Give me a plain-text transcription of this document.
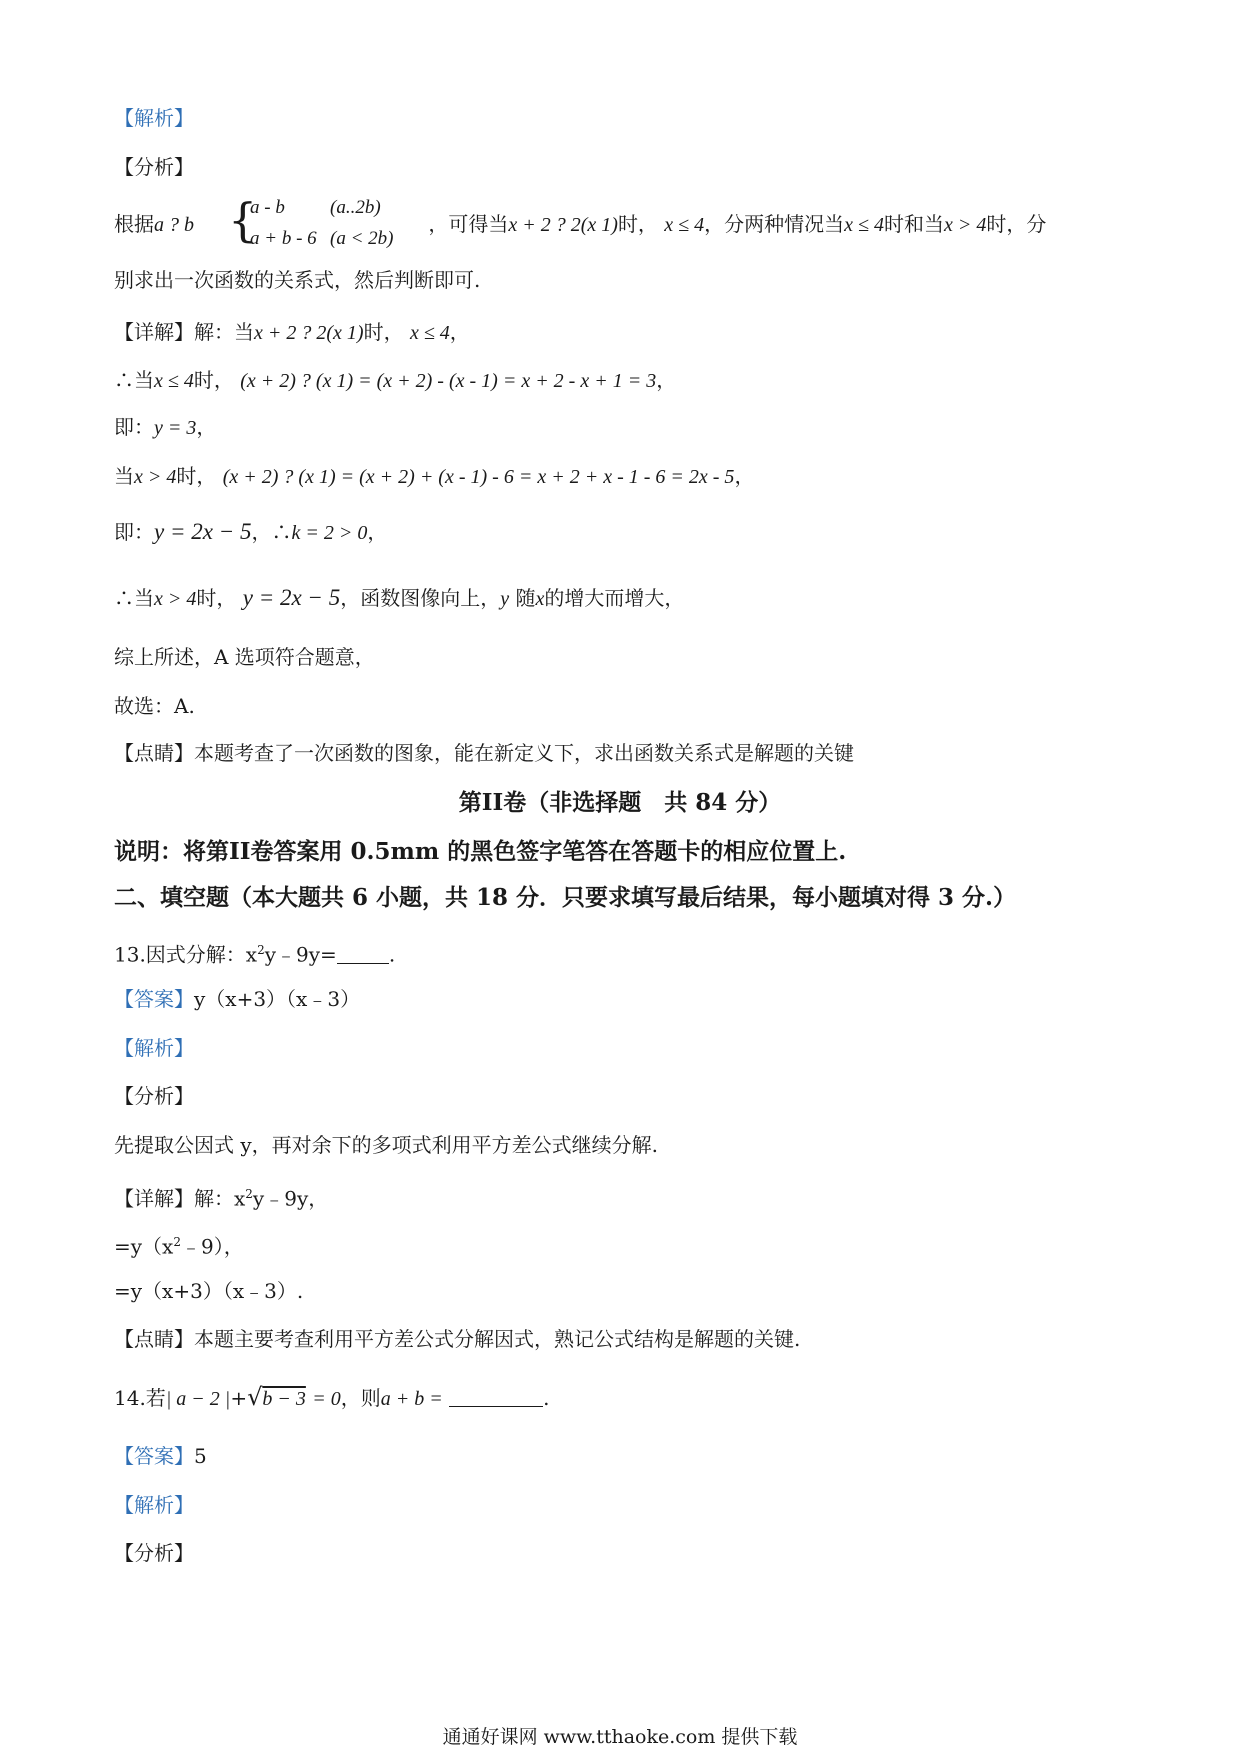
【解析】
【分析】
根据a ? b	，可得当x + 2 ? 2(x 1)时， x ≤ 4，分两种情况当x ≤ 4时和当x > 4时，分
{
a - b (a..2b)
a + b - 6 (a < 2b)
别求出一次函数的关系式，然后判断即可.
【详解】解：当x + 2 ? 2(x 1)时， x ≤ 4，
∴当x ≤ 4时， (x + 2) ? (x 1) = (x + 2) - (x - 1) = x + 2 - x + 1 = 3，
即：y = 3，
当x > 4时， (x + 2) ? (x 1) = (x + 2) + (x - 1) - 6 = x + 2 + x - 1 - 6 = 2x - 5，
即：y = 2x − 5，∴k = 2 > 0，
∴当x > 4时， y = 2x − 5，函数图像向上，y 随x的增大而增大，
综上所述，A 选项符合题意，
故选：A.
【点睛】本题考查了一次函数的图象，能在新定义下，求出函数关系式是解题的关键
第II卷（非选择题　共 84 分）
说明：将第II卷答案用 0.5mm 的黑色签字笔答在答题卡的相应位置上.
二、填空题（本大题共 6 小题，共 18 分．只要求填写最后结果，每小题填对得 3 分.）
13.因式分解：$x^2y﹣9y=$	.
【答案】y（x+3）（x﹣3）
【解析】
【分析】
先提取公因式 y，再对余下的多项式利用平方差公式继续分解.
【详解】解：$x^2y﹣9y$，
$=y(x^2﹣9)$，
=y（x+3）（x﹣3）.
【点睛】本题主要考查利用平方差公式分解因式，熟记公式结构是解题的关键.
14.若| a − 2 |+√b − 3 = 0，则a + b =	.
【答案】5
【解析】
【分析】
通通好课网 www.tthaoke.com 提供下载
